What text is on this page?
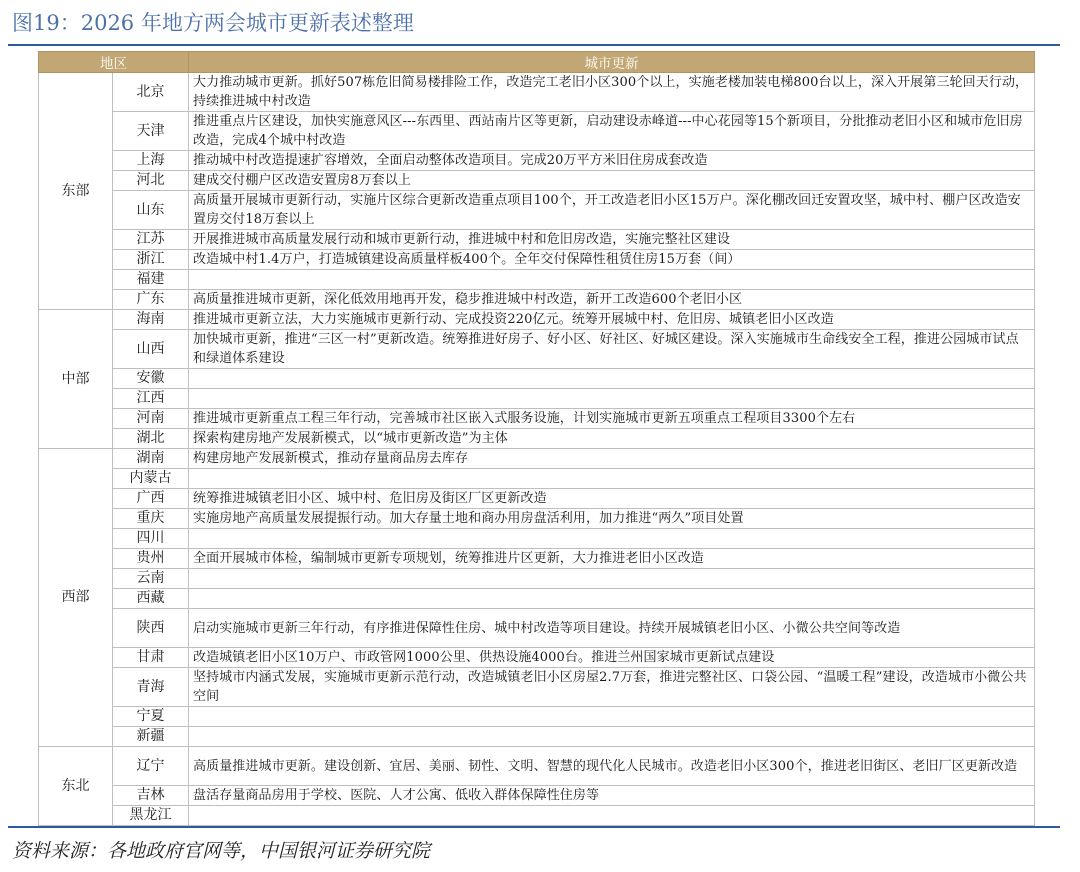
图19：2026 年地方两会城市更新表述整理
地区		城市更新
东部	北京	大力推动城市更新。抓好507栋危旧简易楼排险工作，改造完工老旧小区300个以上，实施老楼加装电梯800台以上，深入开展第三轮回天行动，持续推进城中村改造
	天津	推进重点片区建设，加快实施意风区---东西里、西站南片区等更新，启动建设赤峰道---中心花园等15个新项目，分批推动老旧小区和城市危旧房改造，完成4个城中村改造
	上海	推动城中村改造提速扩容增效，全面启动整体改造项目。完成20万平方米旧住房成套改造
	河北	建成交付棚户区改造安置房8万套以上
	山东	高质量开展城市更新行动，实施片区综合更新改造重点项目100个，开工改造老旧小区15万户。深化棚改回迁安置攻坚，城中村、棚户区改造安置房交付18万套以上
	江苏	开展推进城市高质量发展行动和城市更新行动，推进城中村和危旧房改造，实施完整社区建设
	浙江	改造城中村1.4万户，打造城镇建设高质量样板400个。全年交付保障性租赁住房15万套（间）
	福建	
	广东	高质量推进城市更新，深化低效用地再开发，稳步推进城中村改造，新开工改造600个老旧小区
中部	海南	推进城市更新立法，大力实施城市更新行动、完成投资220亿元。统筹开展城中村、危旧房、城镇老旧小区改造
	山西	加快城市更新，推进“三区一村”更新改造。统筹推进好房子、好小区、好社区、好城区建设。深入实施城市生命线安全工程，推进公园城市试点和绿道体系建设
	安徽	
	江西	
	河南	推进城市更新重点工程三年行动，完善城市社区嵌入式服务设施，计划实施城市更新五项重点工程项目3300个左右
	湖北	探索构建房地产发展新模式，以“城市更新改造”为主体
西部	湖南	构建房地产发展新模式，推动存量商品房去库存
	内蒙古	
	广西	统筹推进城镇老旧小区、城中村、危旧房及街区厂区更新改造
	重庆	实施房地产高质量发展提振行动。加大存量土地和商办用房盘活利用，加力推进“两久”项目处置
	四川	
	贵州	全面开展城市体检，编制城市更新专项规划，统筹推进片区更新，大力推进老旧小区改造
	云南	
	西藏	
	陕西	启动实施城市更新三年行动，有序推进保障性住房、城中村改造等项目建设。持续开展城镇老旧小区、小微公共空间等改造
	甘肃	改造城镇老旧小区10万户、市政管网1000公里、供热设施4000台。推进兰州国家城市更新试点建设
	青海	坚持城市内涵式发展，实施城市更新示范行动，改造城镇老旧小区房屋2.7万套，推进完整社区、口袋公园、“温暖工程”建设，改造城市小微公共空间
	宁夏	
	新疆	
东北	辽宁	高质量推进城市更新。建设创新、宜居、美丽、韧性、文明、智慧的现代化人民城市。改造老旧小区300个，推进老旧街区、老旧厂区更新改造
	吉林	盘活存量商品房用于学校、医院、人才公寓、低收入群体保障性住房等
	黑龙江	
资料来源：各地政府官网等，中国银河证券研究院
